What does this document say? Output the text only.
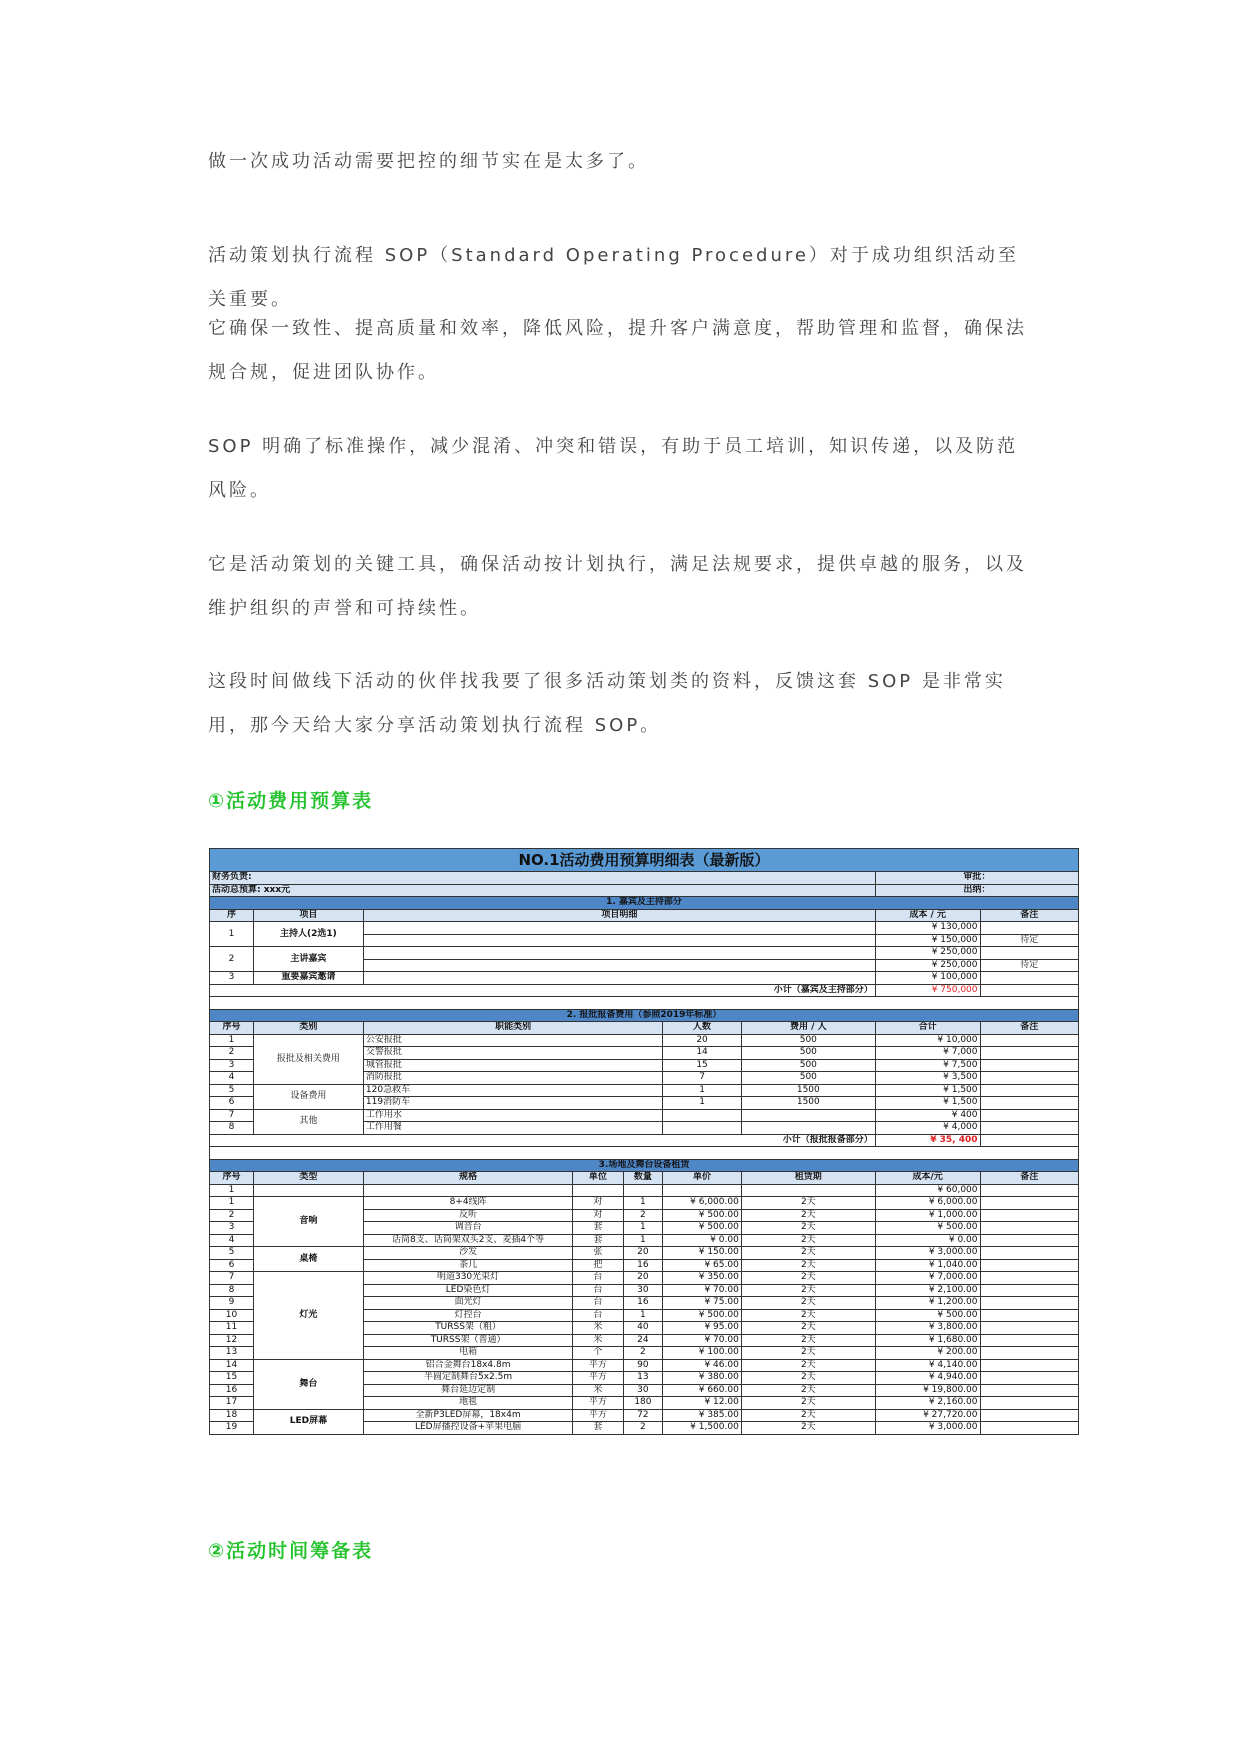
做一次成功活动需要把控的细节实在是太多了。
活动策划执行流程 SOP（Standard Operating Procedure）对于成功组织活动至关重要。
它确保一致性、提高质量和效率，降低风险，提升客户满意度，帮助管理和监督，确保法规合规，促进团队协作。
SOP 明确了标准操作，减少混淆、冲突和错误，有助于员工培训，知识传递，以及防范风险。
它是活动策划的关键工具，确保活动按计划执行，满足法规要求，提供卓越的服务，以及维护组织的声誉和可持续性。
这段时间做线下活动的伙伴找我要了很多活动策划类的资料，反馈这套 SOP 是非常实用，那今天给大家分享活动策划执行流程 SOP。
①活动费用预算表
NO.1活动费用预算明细表（最新版）								
财务负责:							审批：	
活动总预算: xxx元							出纳：	
1. 嘉宾及主持部分								
序	项目	项目明细					成本 / 元	备注
1	主持人(2选1)						¥ 130,000	
							¥ 150,000	待定
2	主讲嘉宾						¥ 250,000	
							¥ 250,000	待定
3	重要嘉宾邀请						¥ 100,000	
小计（嘉宾及主持部分）							¥ 750,000	

2. 报批报备费用（参照2019年标准）								
序号	类别	职能类别			人数	费用 / 人	合计	备注
1	报批及相关费用	公安报批			20	500	¥ 10,000	
2		交警报批			14	500	¥ 7,000	
3		城管报批			15	500	¥ 7,500	
4		消防报批			7	500	¥ 3,500	
5	设备费用	120急救车			1	1500	¥ 1,500	
6		119消防车			1	1500	¥ 1,500	
7	其他	工作用水					¥ 400	
8		工作用餐					¥ 4,000	
小计（报批报备部分）							¥ 35, 400	

3.场地及舞台设备租赁								
序号	类型	规格	单位	数量	单价	租赁期	成本/元	备注
1							¥ 60,000	
1	音响	8+4线阵	对	1	¥ 6,000.00	2天	¥ 6,000.00	
2		反听	对	2	¥ 500.00	2天	¥ 1,000.00	
3		调音台	套	1	¥ 500.00	2天	¥ 500.00	
4		话筒8支、话筒架双头2支、麦插4个等	套	1	¥ 0.00	2天	¥ 0.00	
5	桌椅	沙发	张	20	¥ 150.00	2天	¥ 3,000.00	
6		茶几	把	16	¥ 65.00	2天	¥ 1,040.00	
7	灯光	明道330光束灯	台	20	¥ 350.00	2天	¥ 7,000.00	
8		LED染色灯	台	30	¥ 70.00	2天	¥ 2,100.00	
9		面光灯	台	16	¥ 75.00	2天	¥ 1,200.00	
10		灯控台	台	1	¥ 500.00	2天	¥ 500.00	
11		TURSS架（粗）	米	40	¥ 95.00	2天	¥ 3,800.00	
12		TURSS架（普通）	米	24	¥ 70.00	2天	¥ 1,680.00	
13		电箱	个	2	¥ 100.00	2天	¥ 200.00	
14	舞台	铝合金舞台18x4.8m	平方	90	¥ 46.00	2天	¥ 4,140.00	
15		半圆定制舞台5x2.5m	平方	13	¥ 380.00	2天	¥ 4,940.00	
16		舞台延边定制	米	30	¥ 660.00	2天	¥ 19,800.00	
17		地毯	平方	180	¥ 12.00	2天	¥ 2,160.00	
18	LED屏幕	全新P3LED屏幕，18x4m	平方	72	¥ 385.00	2天	¥ 27,720.00	
19		LED屏播控设备+苹果电脑	套	2	¥ 1,500.00	2天	¥ 3,000.00	
②活动时间筹备表
